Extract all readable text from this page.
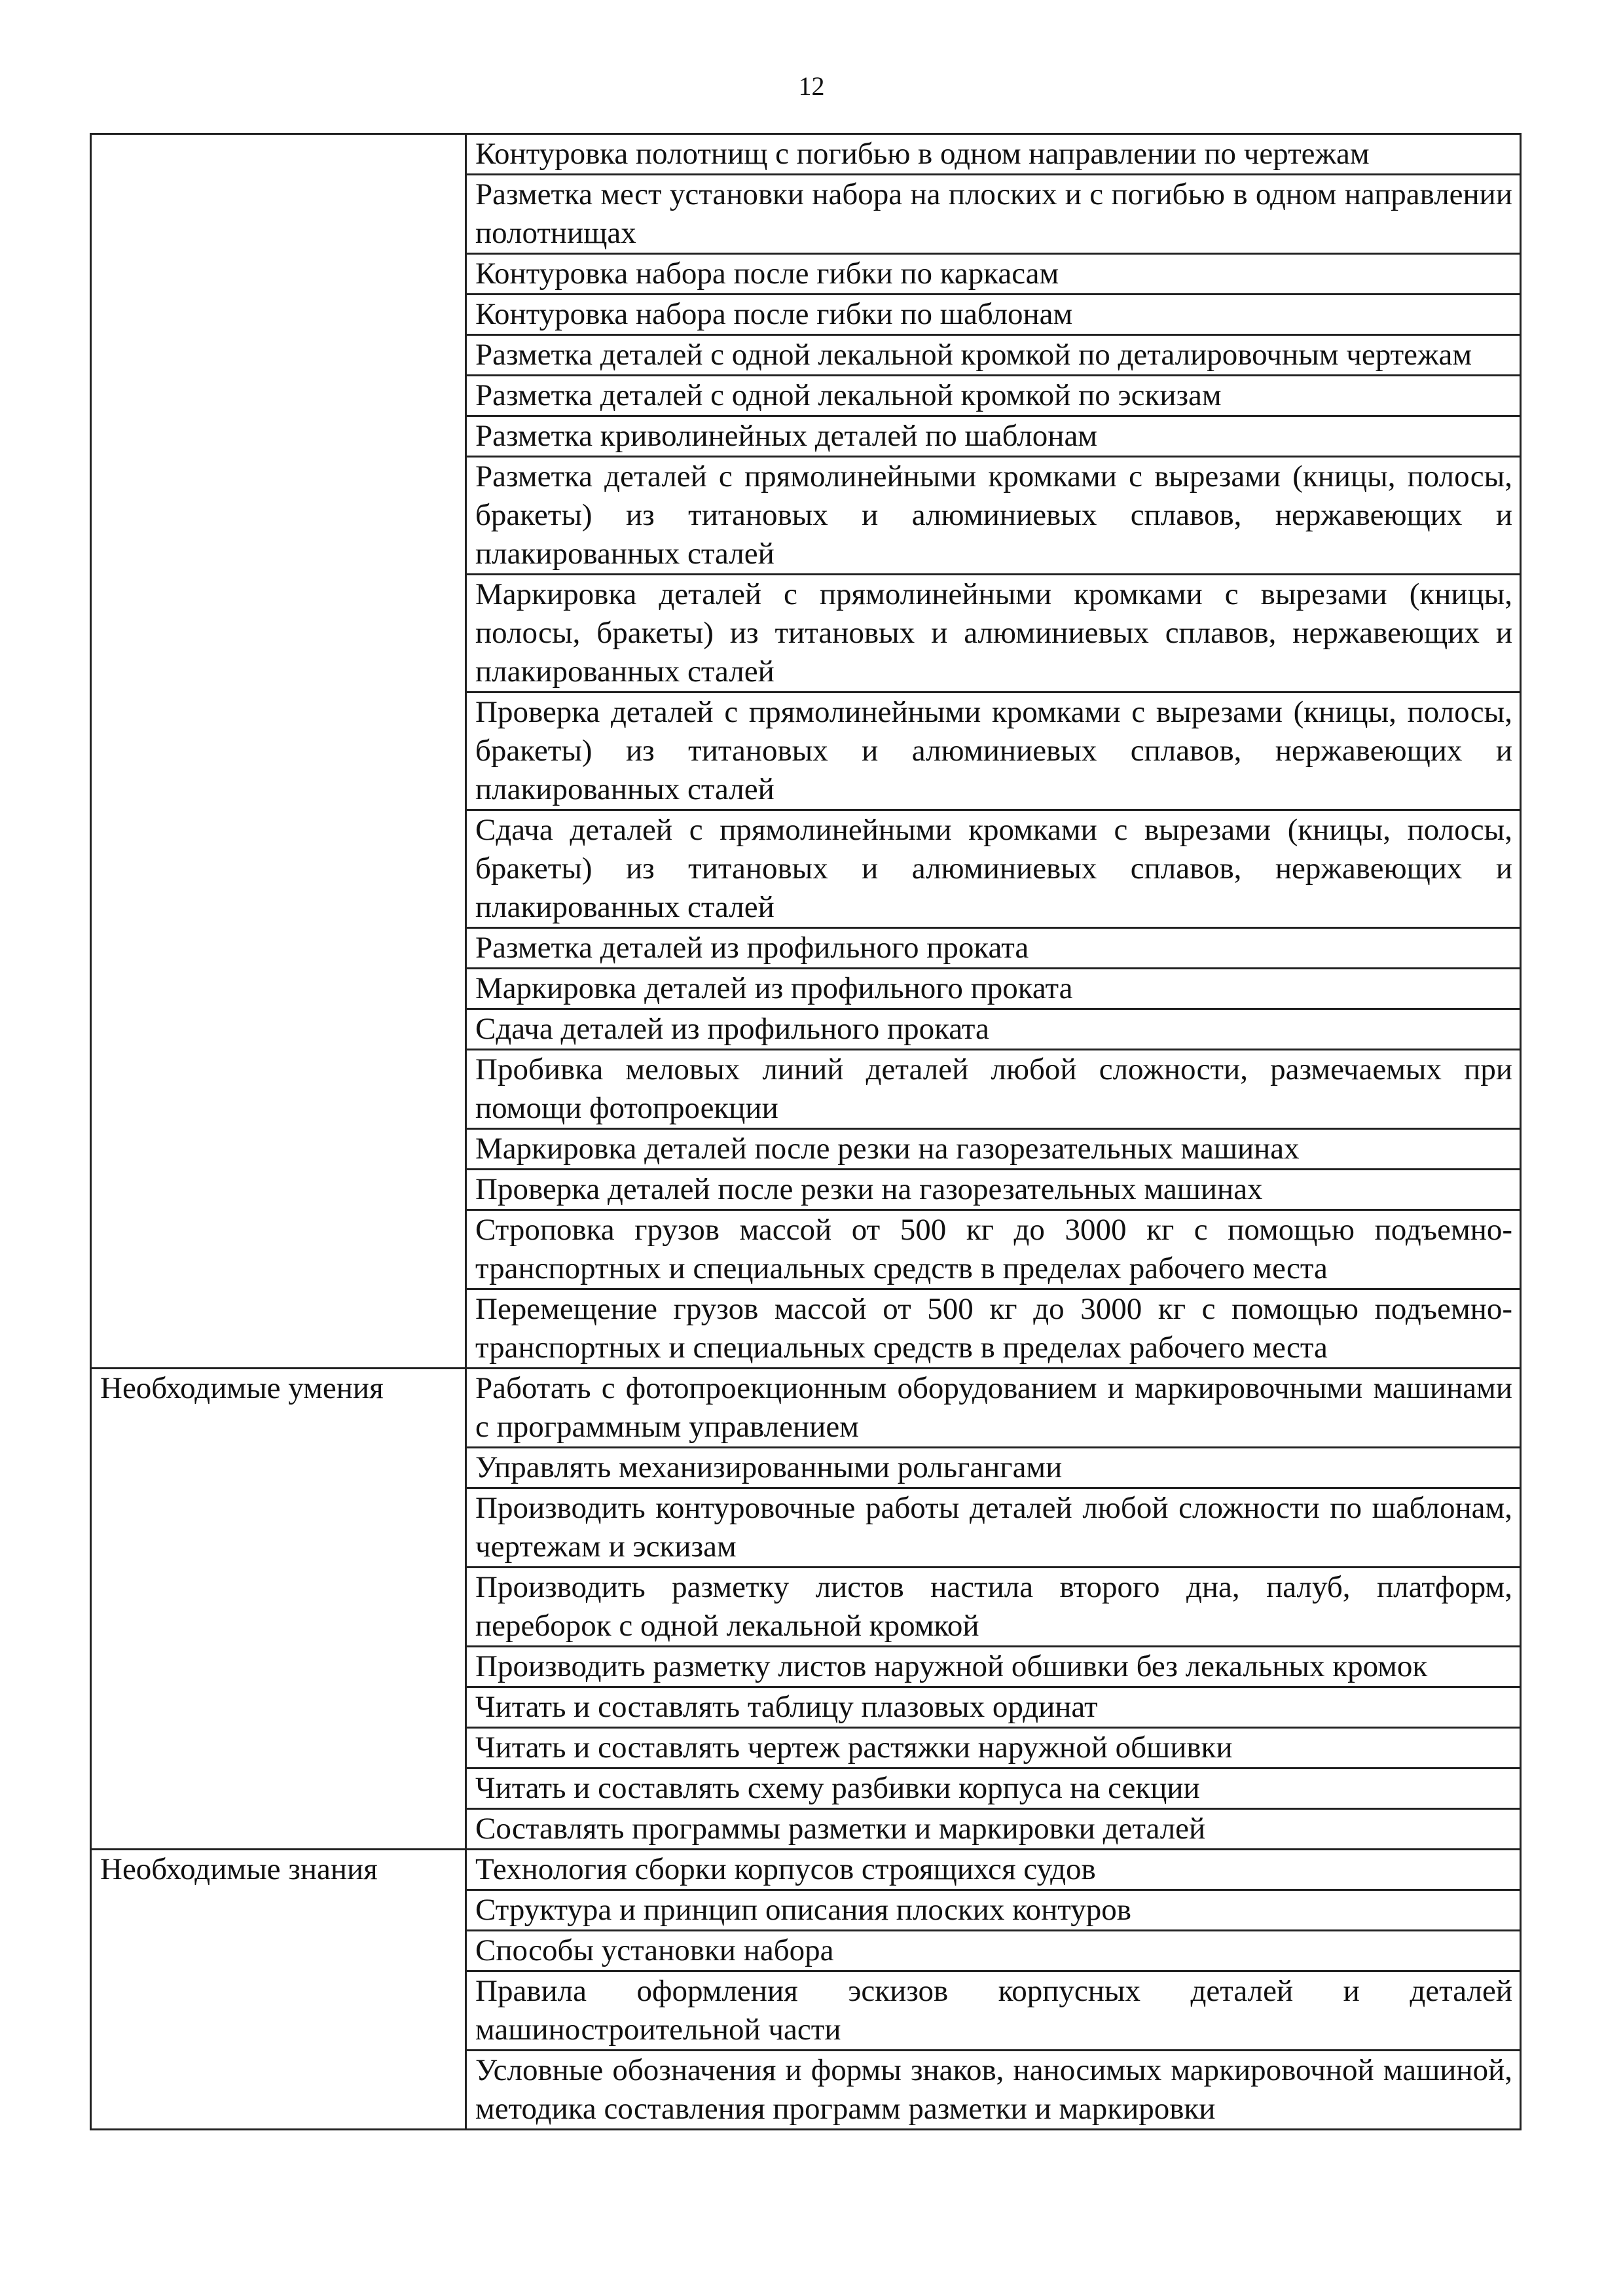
12
	Контуровка полотнищ с погибью в одном направлении по чертежам
	Разметка мест установки набора на плоских и с погибью в одном направлении полотнищах
	Контуровка набора после гибки по каркасам
	Контуровка набора после гибки по шаблонам
	Разметка деталей с одной лекальной кромкой по деталировочным чертежам
	Разметка деталей с одной лекальной кромкой по эскизам
	Разметка криволинейных деталей по шаблонам
	Разметка деталей с прямолинейными кромками с вырезами (кницы, полосы, бракеты) из титановых и алюминиевых сплавов, нержавеющих и плакированных сталей
	Маркировка деталей с прямолинейными кромками с вырезами (кницы, полосы, бракеты) из титановых и алюминиевых сплавов, нержавеющих и плакированных сталей
	Проверка деталей с прямолинейными кромками с вырезами (кницы, полосы, бракеты) из титановых и алюминиевых сплавов, нержавеющих и плакированных сталей
	Сдача деталей с прямолинейными кромками с вырезами (кницы, полосы, бракеты) из титановых и алюминиевых сплавов, нержавеющих и плакированных сталей
	Разметка деталей из профильного проката
	Маркировка деталей из профильного проката
	Сдача деталей из профильного проката
	Пробивка меловых линий деталей любой сложности, размечаемых при помощи фотопроекции
	Маркировка деталей после резки на газорезательных машинах
	Проверка деталей после резки на газорезательных машинах
	Строповка грузов массой от 500 кг до 3000 кг с помощью подъемно-транспортных и специальных средств в пределах рабочего места
	Перемещение грузов массой от 500 кг до 3000 кг с помощью подъемно-транспортных и специальных средств в пределах рабочего места
Необходимые умения	Работать с фотопроекционным оборудованием и маркировочными машинами с программным управлением
	Управлять механизированными рольгангами
	Производить контуровочные работы деталей любой сложности по шаблонам, чертежам и эскизам
	Производить разметку листов настила второго дна, палуб, платформ, переборок с одной лекальной кромкой
	Производить разметку листов наружной обшивки без лекальных кромок
	Читать и составлять таблицу плазовых ординат
	Читать и составлять чертеж растяжки наружной обшивки
	Читать и составлять схему разбивки корпуса на секции
	Составлять программы разметки и маркировки деталей
Необходимые знания	Технология сборки корпусов строящихся судов
	Структура и принцип описания плоских контуров
	Способы установки набора
	Правила оформления эскизов корпусных деталей и деталей машиностроительной части
	Условные обозначения и формы знаков, наносимых маркировочной машиной, методика составления программ разметки и маркировки
